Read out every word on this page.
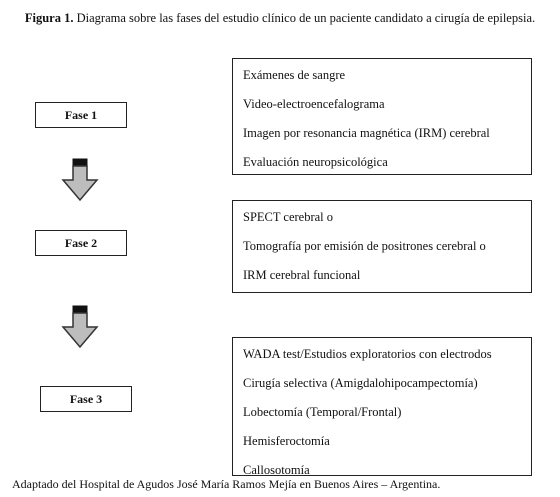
Figura 1. Diagrama sobre las fases del estudio clínico de un paciente candidato a cirugía de epilepsia.
Fase 1
Exámenes de sangre
Video-electroencefalograma
Imagen por resonancia magnética (IRM) cerebral
Evaluación neuropsicológica
Fase 2
SPECT cerebral o
Tomografía por emisión de positrones cerebral o
IRM cerebral funcional
Fase 3
WADA test/Estudios exploratorios con electrodos
Cirugía selectiva (Amigdalohipocampectomía)
Lobectomía (Temporal/Frontal)
Hemisferoctomía
Callosotomía
Adaptado del Hospital de Agudos José María Ramos Mejía en Buenos Aires – Argentina.
